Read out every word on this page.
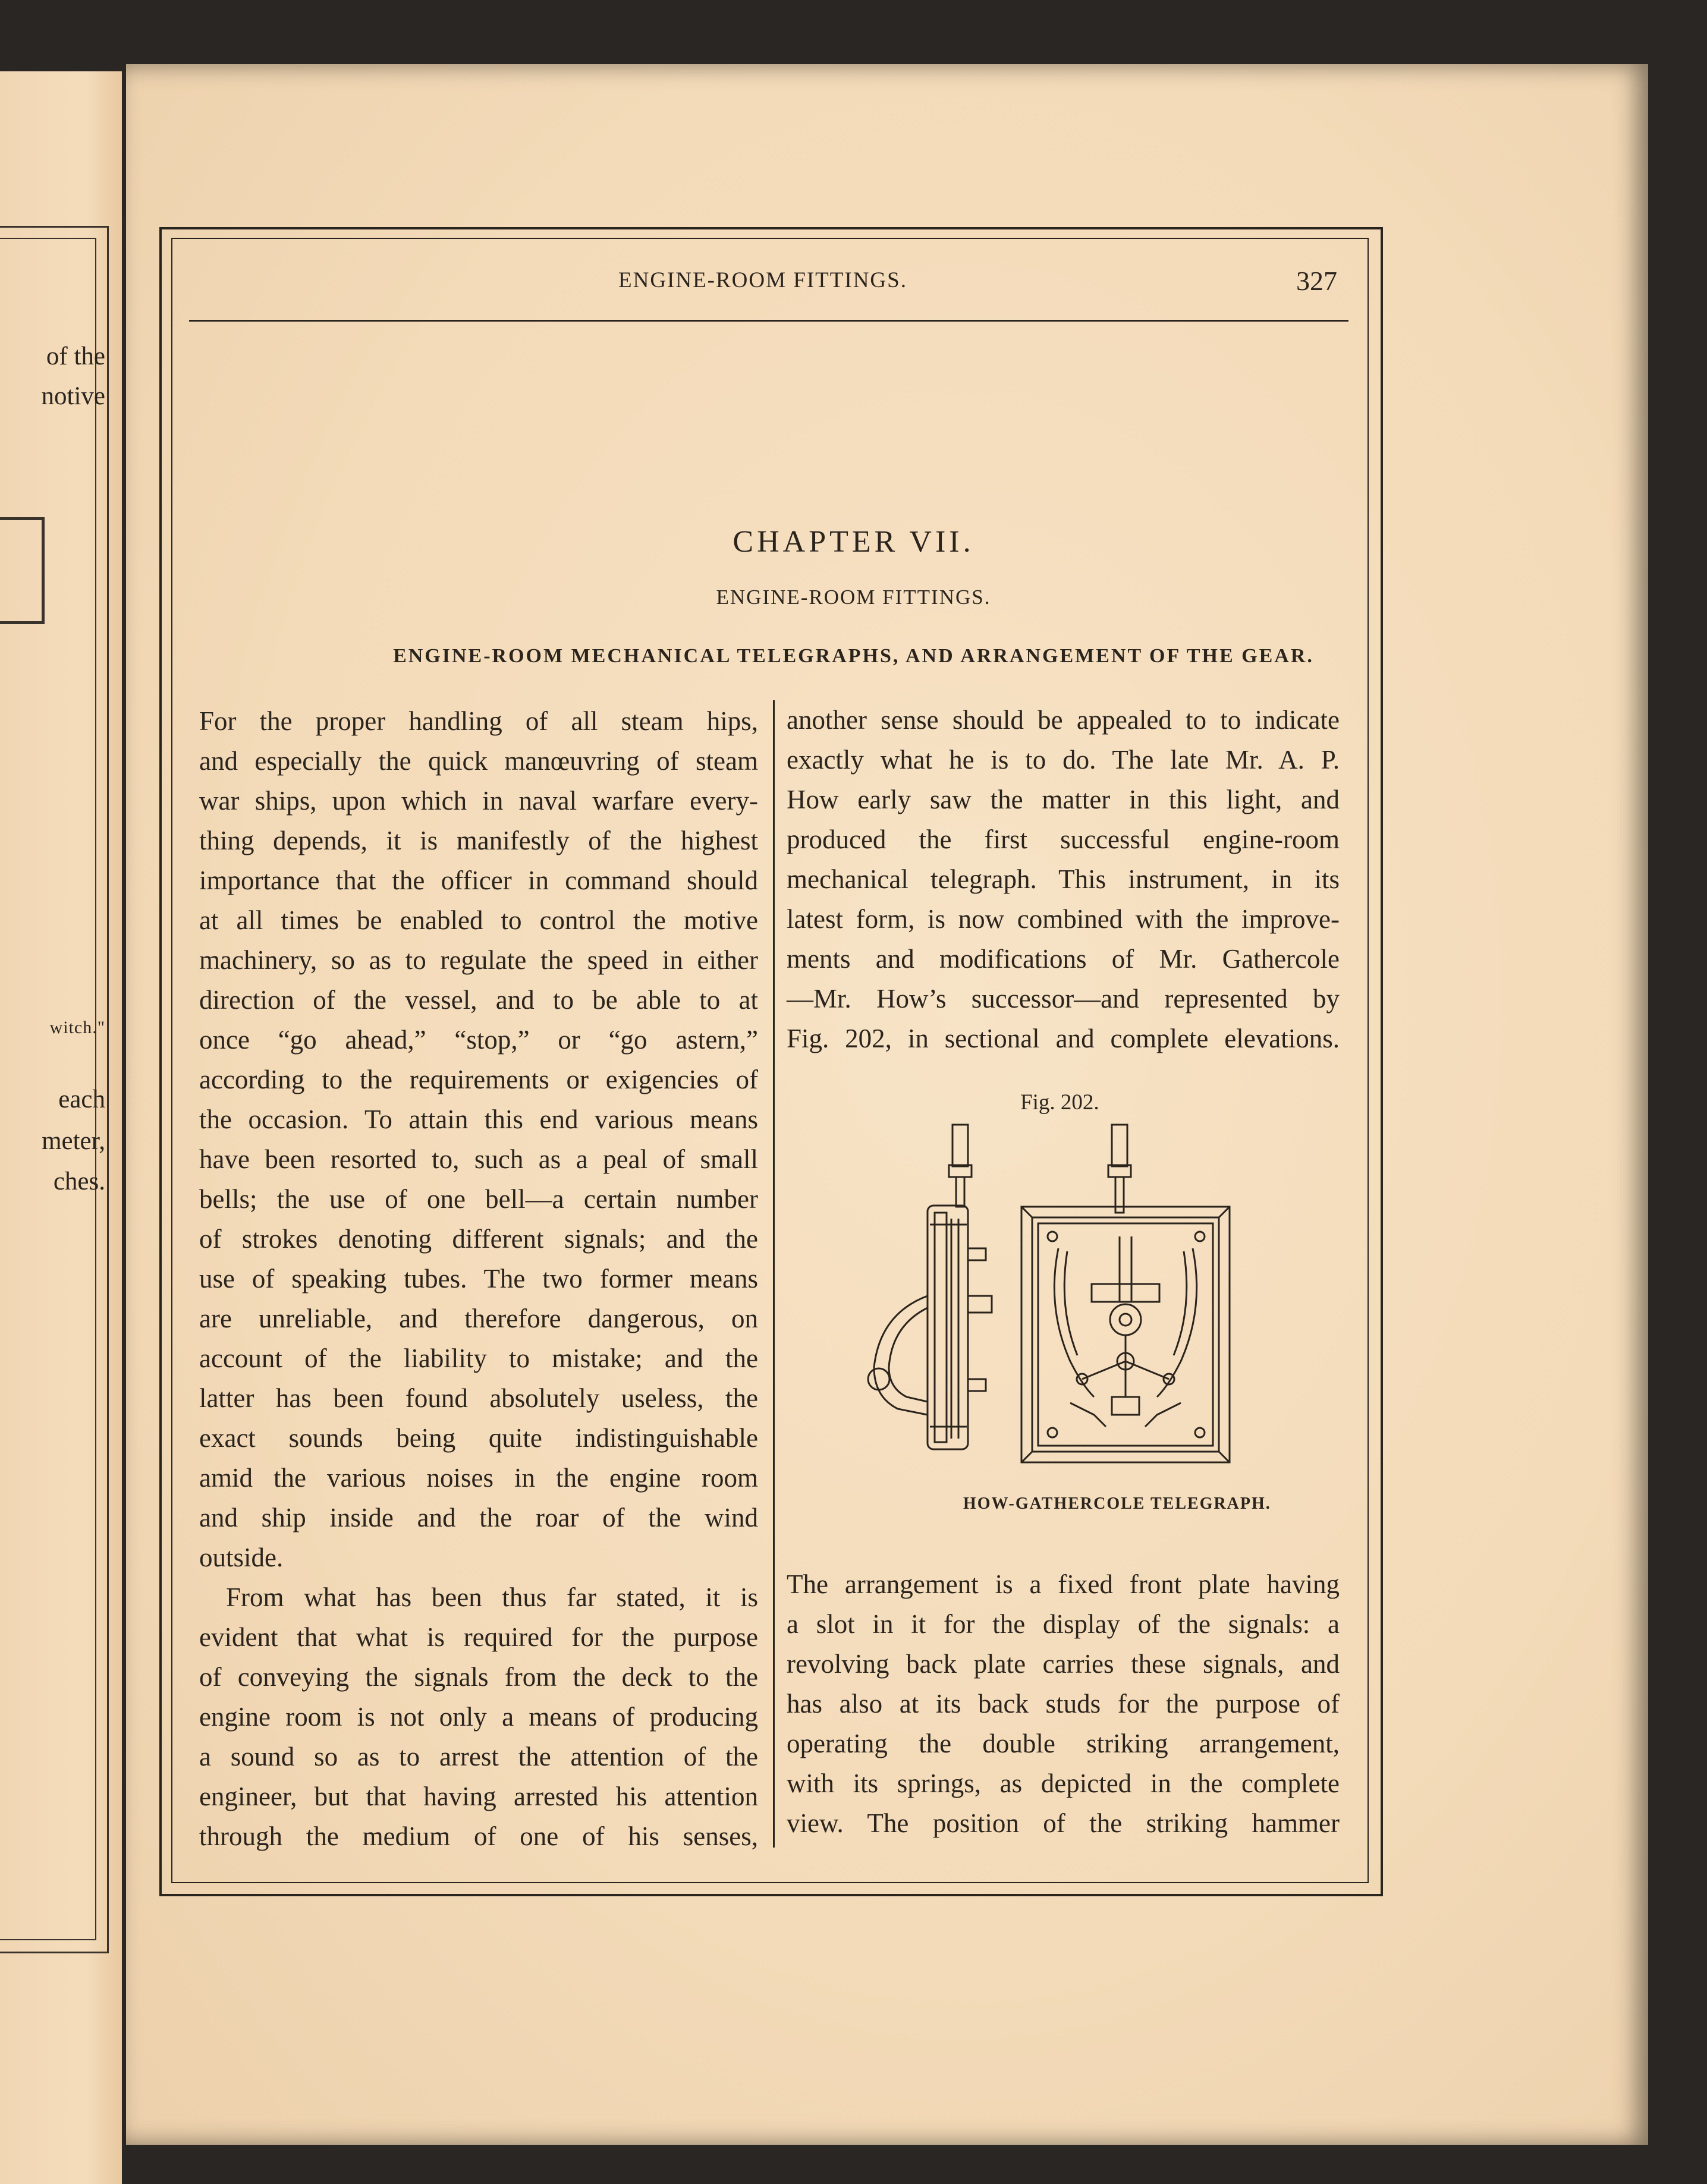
of the
notive
witch."
each
meter,
ches.
ENGINE-ROOM FITTINGS.	327
CHAPTER VII.
ENGINE-ROOM FITTINGS.
ENGINE-ROOM MECHANICAL TELEGRAPHS, AND ARRANGEMENT OF THE GEAR.

For the proper handling of all steam hips,
and especially the quick manœuvring of steam
war ships, upon which in naval warfare every-
thing depends, it is manifestly of the highest
importance that the officer in command should
at all times be enabled to control the motive
machinery, so as to regulate the speed in either
direction of the vessel, and to be able to at
once “go ahead,” “stop,” or “go astern,”
according to the requirements or exigencies of
the occasion. To attain this end various means
have been resorted to, such as a peal of small
bells; the use of one bell—a certain number
of strokes denoting different signals; and the
use of speaking tubes. The two former means
are unreliable, and therefore dangerous, on
account of the liability to mistake; and the
latter has been found absolutely useless, the
exact sounds being quite indistinguishable
amid the various noises in the engine room
and ship inside and the roar of the wind
outside.

From what has been thus far stated, it is
evident that what is required for the purpose
of conveying the signals from the deck to the
engine room is not only a means of producing
a sound so as to arrest the attention of the
engineer, but that having arrested his attention
through the medium of one of his senses,

another sense should be appealed to to indicate
exactly what he is to do. The late Mr. A. P.
How early saw the matter in this light, and
produced the first successful engine-room
mechanical telegraph. This instrument, in its
latest form, is now combined with the improve-
ments and modifications of Mr. Gathercole
—Mr. How’s successor—and represented by
Fig. 202, in sectional and complete elevations.

Fig. 202.
HOW-GATHERCOLE TELEGRAPH.

The arrangement is a fixed front plate having
a slot in it for the display of the signals: a
revolving back plate carries these signals, and
has also at its back studs for the purpose of
operating the double striking arrangement,
with its springs, as depicted in the complete
view. The position of the striking hammer
